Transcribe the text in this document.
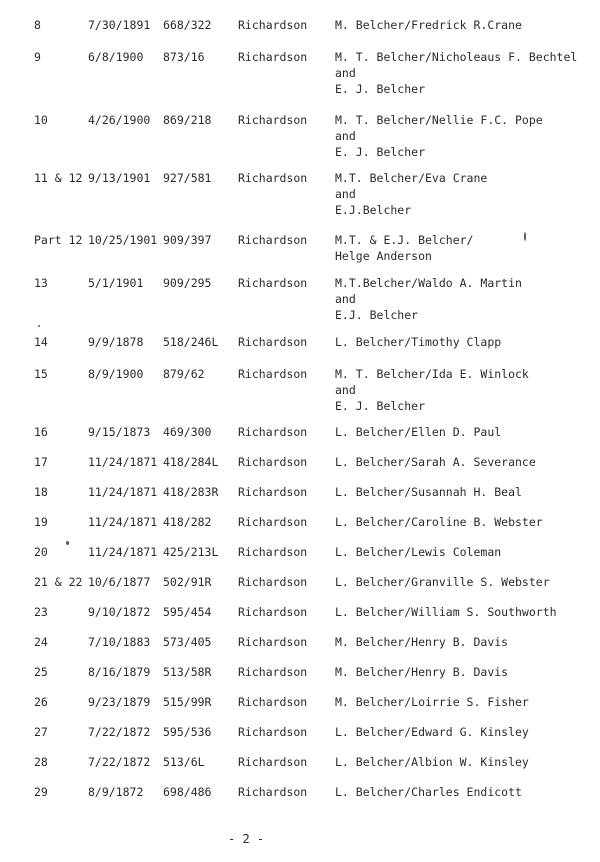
8	7/30/1891 668/322 Richardson M. Belcher/Fredrick R.Crane
9	6/8/1900 873/16	Richardson M. T. Belcher/Nicholeaus F. Bechtel
and
E. J. Belcher
10	4/26/1900 869/218 Richardson M. T. Belcher/Nellie F.C. Pope
and
E. J. Belcher
11 & 12 9/13/1901 927/581 Richardson M.T. Belcher/Eva Crane
and
E.J.Belcher
Part 12 10/25/1901 909/397 Richardson M.T. & E.J. Belcher/
Helge Anderson
13	5/1/1901 909/295 Richardson M.T.Belcher/Waldo A. Martin
and
E.J. Belcher
14	9/9/1878 518/246L Richardson L. Belcher/Timothy Clapp
15	8/9/1900 879/62	Richardson M. T. Belcher/Ida E. Winlock
and
E. J. Belcher
16	9/15/1873 469/300 Richardson L. Belcher/Ellen D. Paul
17	11/24/1871 418/284L Richardson L. Belcher/Sarah A. Severance
18	11/24/1871 418/283R Richardson L. Belcher/Susannah H. Beal
19	11/24/1871 418/282 Richardson L. Belcher/Caroline B. Webster
20	11/24/1871 425/213L Richardson L. Belcher/Lewis Coleman
21 & 22 10/6/1877 502/91R Richardson L. Belcher/Granville S. Webster
23	9/10/1872 595/454 Richardson L. Belcher/William S. Southworth
24	7/10/1883 573/405 Richardson M. Belcher/Henry B. Davis
25	8/16/1879 513/58R Richardson M. Belcher/Henry B. Davis
26	9/23/1879 515/99R Richardson M. Belcher/Loirrie S. Fisher
27	7/22/1872 595/536 Richardson L. Belcher/Edward G. Kinsley
28	7/22/1872 513/6L	Richardson L. Belcher/Albion W. Kinsley
29	8/9/1872 698/486 Richardson L. Belcher/Charles Endicott
- 2 -
